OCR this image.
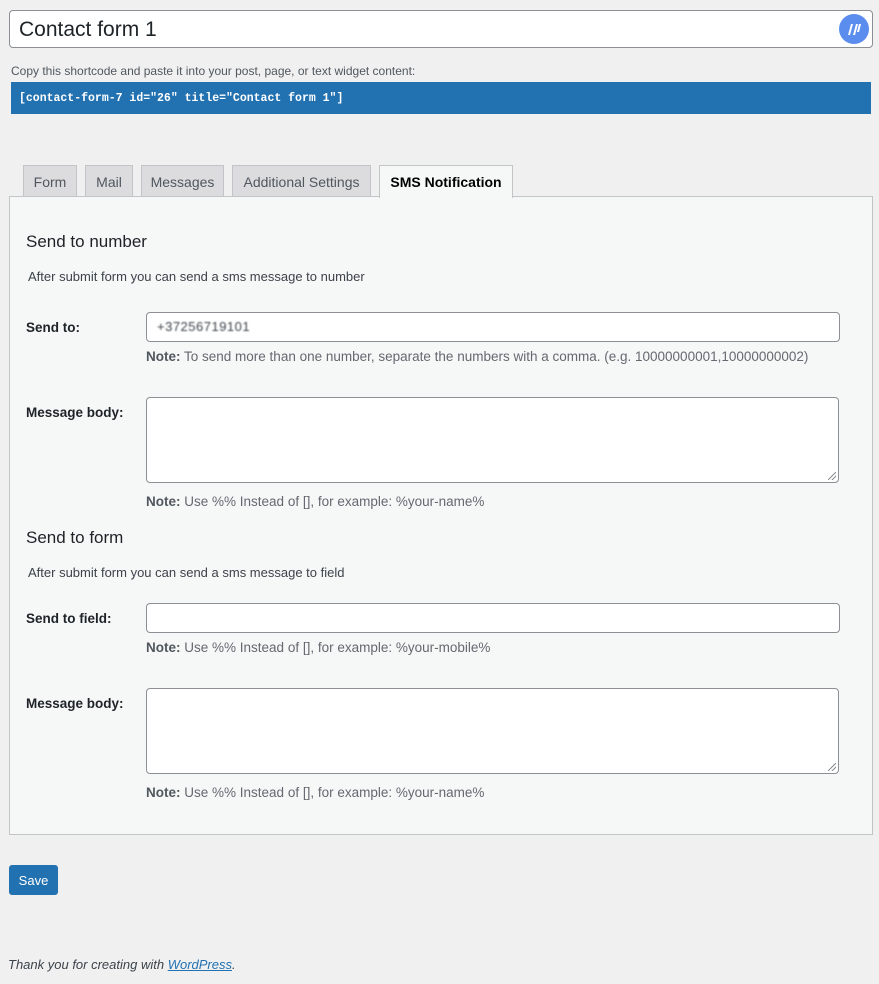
Contact form 1
Copy this shortcode and paste it into your post, page, or text widget content:
[contact-form-7 id="26" title="Contact form 1"]
Form	Mail	Messages	Additional Settings	SMS Notification
Send to number
After submit form you can send a sms message to number
Send to:	+37256719101
Note: To send more than one number, separate the numbers with a comma. (e.g. 10000000001,10000000002)
Message body:
Note: Use %% Instead of [], for example: %your-name%
Send to form
After submit form you can send a sms message to field
Send to field:
Note: Use %% Instead of [], for example: %your-mobile%
Message body:
Note: Use %% Instead of [], for example: %your-name%
Save
Thank you for creating with WordPress.
